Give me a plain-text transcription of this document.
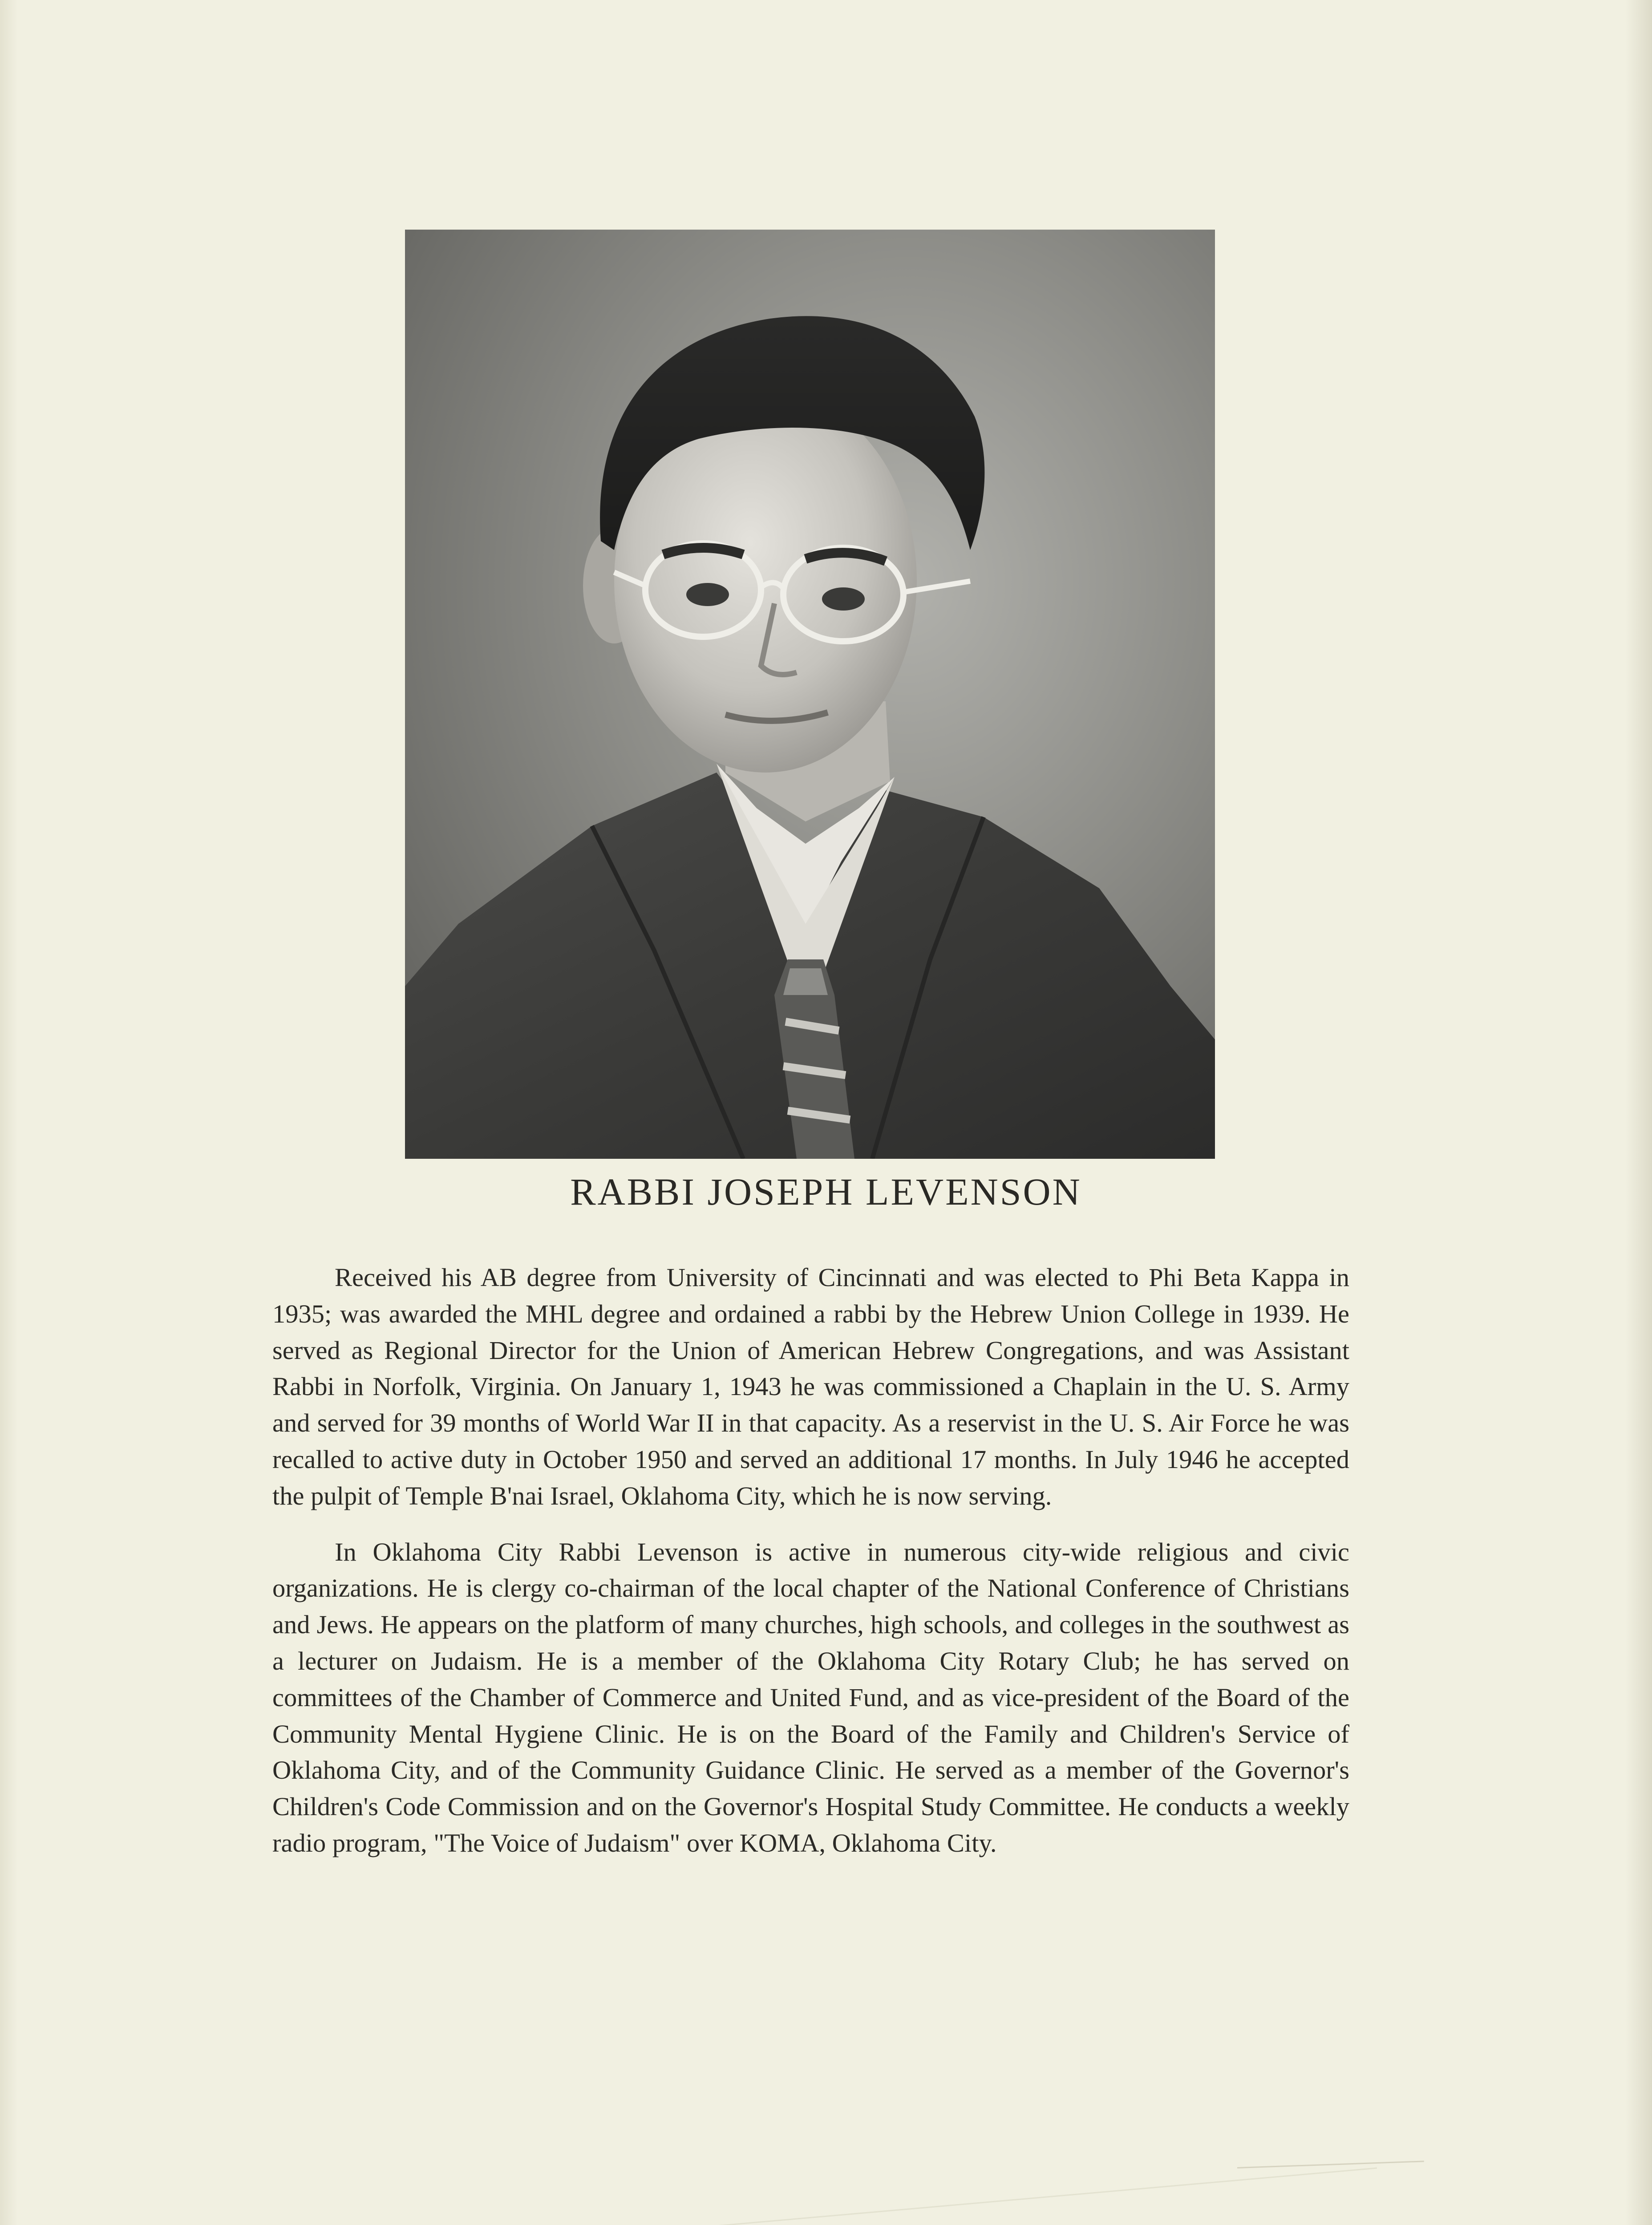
RABBI JOSEPH LEVENSON

Received his AB degree from University of Cincinnati and was elected to Phi Beta Kappa in 1935; was awarded the MHL degree and ordained a rabbi by the Hebrew Union College in 1939. He served as Regional Director for the Union of American Hebrew Congregations, and was Assistant Rabbi in Norfolk, Virginia. On January 1, 1943 he was commissioned a Chaplain in the U. S. Army and served for 39 months of World War II in that capacity. As a reservist in the U. S. Air Force he was recalled to active duty in October 1950 and served an additional 17 months. In July 1946 he accepted the pulpit of Temple B'nai Israel, Oklahoma City, which he is now serving.

In Oklahoma City Rabbi Levenson is active in numerous city-wide religious and civic organizations. He is clergy co-chairman of the local chapter of the National Conference of Christians and Jews. He appears on the platform of many churches, high schools, and colleges in the southwest as a lecturer on Judaism. He is a member of the Oklahoma City Rotary Club; he has served on committees of the Chamber of Commerce and United Fund, and as vice-president of the Board of the Community Mental Hygiene Clinic. He is on the Board of the Family and Children's Service of Oklahoma City, and of the Community Guidance Clinic. He served as a member of the Governor's Children's Code Commission and on the Governor's Hospital Study Committee. He conducts a weekly radio program, "The Voice of Judaism" over KOMA, Oklahoma City.
